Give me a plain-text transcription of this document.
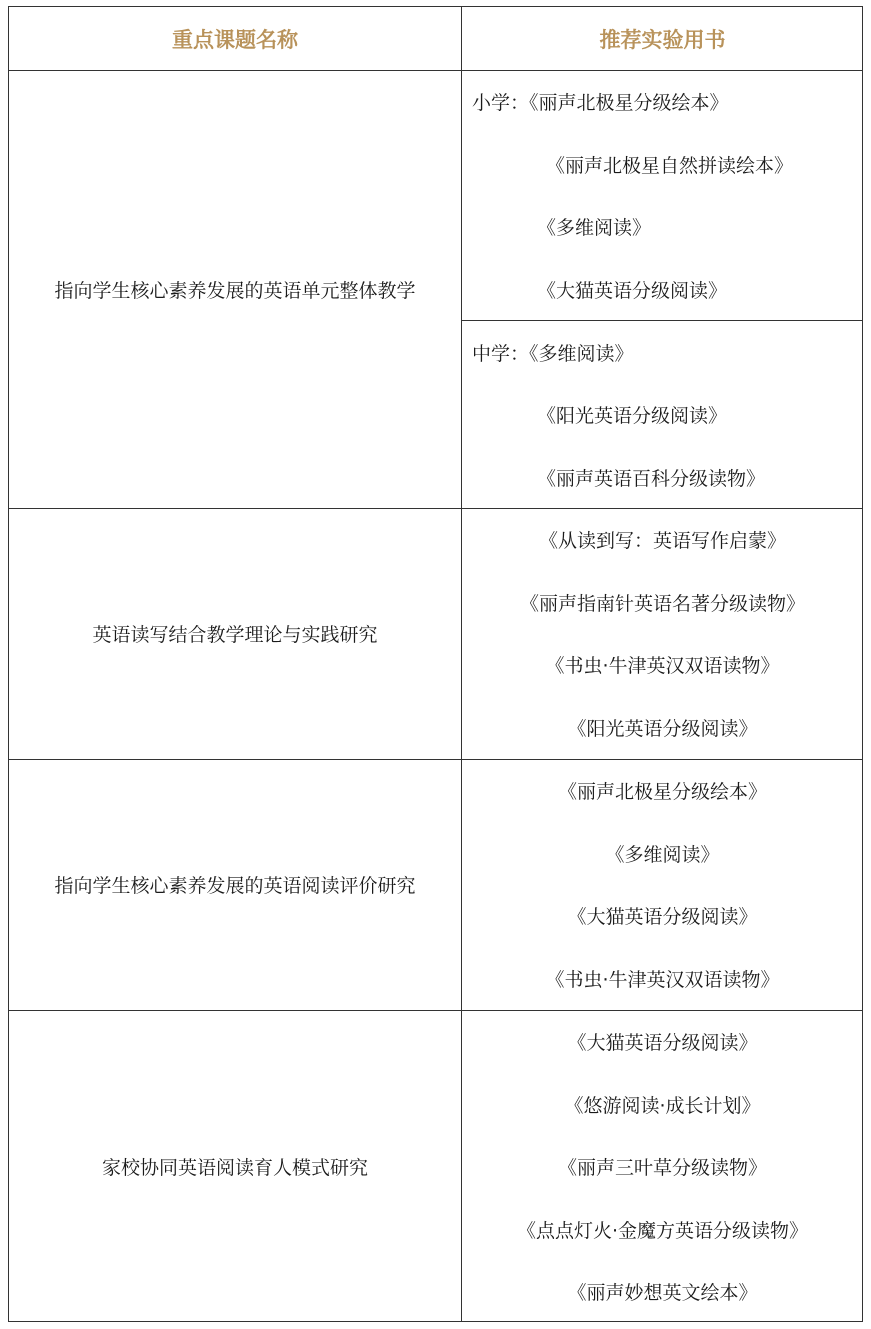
重点课题名称	推荐实验用书
指向学生核心素养发展的英语单元整体教学
小学：《丽声北极星分级绘本》
《丽声北极星自然拼读绘本》
《多维阅读》
《大猫英语分级阅读》
中学：《多维阅读》
《阳光英语分级阅读》
《丽声英语百科分级读物》
英语读写结合教学理论与实践研究
《从读到写：英语写作启蒙》
《丽声指南针英语名著分级读物》
《书虫·牛津英汉双语读物》
《阳光英语分级阅读》
指向学生核心素养发展的英语阅读评价研究
《丽声北极星分级绘本》
《多维阅读》
《大猫英语分级阅读》
《书虫·牛津英汉双语读物》
家校协同英语阅读育人模式研究
《大猫英语分级阅读》
《悠游阅读·成长计划》
《丽声三叶草分级读物》
《点点灯火·金魔方英语分级读物》
《丽声妙想英文绘本》
